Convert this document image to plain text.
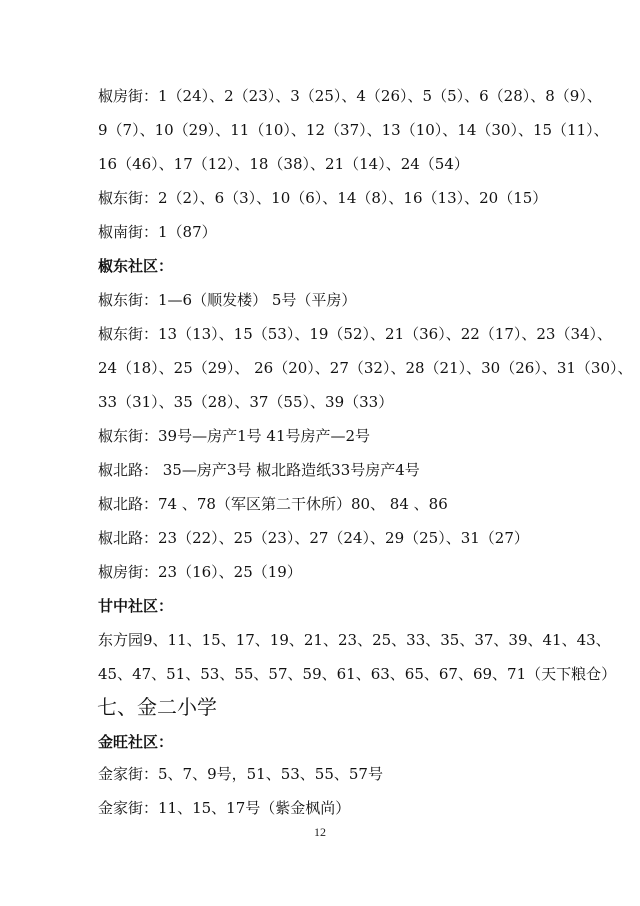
椒房街：1（24）、2（23）、3（25）、4（26）、5（5）、6（28）、8（9）、
9（7）、10（29）、11（10）、12（37）、13（10）、14（30）、15（11）、
16（46）、17（12）、18（38）、21（14）、24（54）
椒东街：2（2）、6（3）、10（6）、14（8）、16（13）、20（15）
椒南街：1（87）
椒东社区：
椒东街：1—6（顺发楼） 5号（平房）
椒东街：13（13）、15（53）、19（52）、21（36）、22（17）、23（34）、
24（18）、25（29）、 26（20）、27（32）、28（21）、30（26）、31（30）、
33（31）、35（28）、37（55）、39（33）
椒东街：39号—房产1号 41号房产—2号
椒北路： 35—房产3号 椒北路造纸33号房产4号
椒北路：74 、78（军区第二干休所）80、 84 、86
椒北路：23（22）、25（23）、27（24）、29（25）、31（27）
椒房街：23（16）、25（19）
甘中社区：
东方园9、11、15、17、19、21、23、25、33、35、37、39、41、43、
45、47、51、53、55、57、59、61、63、65、67、69、71（天下粮仓）
七、金二小学
金旺社区：
金家街：5、7、9号，51、53、55、57号
金家街：11、15、17号（紫金枫尚）
12
